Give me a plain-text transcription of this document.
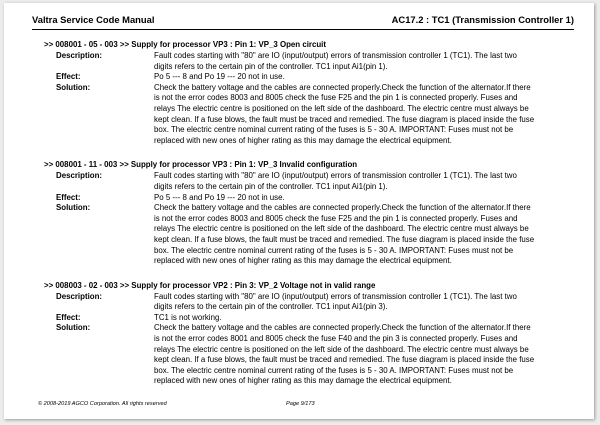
Valtra Service Code Manual	AC17.2 : TC1 (Transmission Controller 1)
>> 008001 - 05 - 003 >> Supply for processor VP3 : Pin 1: VP_3 Open circuit
Description:	Fault codes starting with "80" are IO (input/output) errors of transmission controller 1 (TC1). The last two
digits refers to the certain pin of the controller. TC1 input Ai1(pin 1).
Effect:	Po 5 --- 8 and Po 19 --- 20 not in use.
Solution:	Check the battery voltage and the cables are connected properly.Check the function of the alternator.If there
is not the error codes 8003 and 8005 check the fuse F25 and the pin 1 is connected properly. Fuses and
relays The electric centre is positioned on the left side of the dashboard. The electric centre must always be
kept clean. If a fuse blows, the fault must be traced and remedied. The fuse diagram is placed inside the fuse
box. The electric centre nominal current rating of the fuses is 5 - 30 A. IMPORTANT: Fuses must not be
replaced with new ones of higher rating as this may damage the electrical equipment.
>> 008001 - 11 - 003 >> Supply for processor VP3 : Pin 1: VP_3 Invalid configuration
Description:	Fault codes starting with "80" are IO (input/output) errors of transmission controller 1 (TC1). The last two
digits refers to the certain pin of the controller. TC1 input Ai1(pin 1).
Effect:	Po 5 --- 8 and Po 19 --- 20 not in use.
Solution:	Check the battery voltage and the cables are connected properly.Check the function of the alternator.If there
is not the error codes 8003 and 8005 check the fuse F25 and the pin 1 is connected properly. Fuses and
relays The electric centre is positioned on the left side of the dashboard. The electric centre must always be
kept clean. If a fuse blows, the fault must be traced and remedied. The fuse diagram is placed inside the fuse
box. The electric centre nominal current rating of the fuses is 5 - 30 A. IMPORTANT: Fuses must not be
replaced with new ones of higher rating as this may damage the electrical equipment.
>> 008003 - 02 - 003 >> Supply for processor VP2 : Pin 3: VP_2 Voltage not in valid range
Description:	Fault codes starting with "80" are IO (input/output) errors of transmission controller 1 (TC1). The last two
digits refers to the certain pin of the controller. TC1 input Ai1(pin 3).
Effect:	TC1 is not working.
Solution:	Check the battery voltage and the cables are connected properly.Check the function of the alternator.If there
is not the error codes 8001 and 8005 check the fuse F40 and the pin 3 is connected properly. Fuses and
relays The electric centre is positioned on the left side of the dashboard. The electric centre must always be
kept clean. If a fuse blows, the fault must be traced and remedied. The fuse diagram is placed inside the fuse
box. The electric centre nominal current rating of the fuses is 5 - 30 A. IMPORTANT: Fuses must not be
replaced with new ones of higher rating as this may damage the electrical equipment.
© 2008-2019 AGCO Corporation. All rights reserved	Page 9/173
